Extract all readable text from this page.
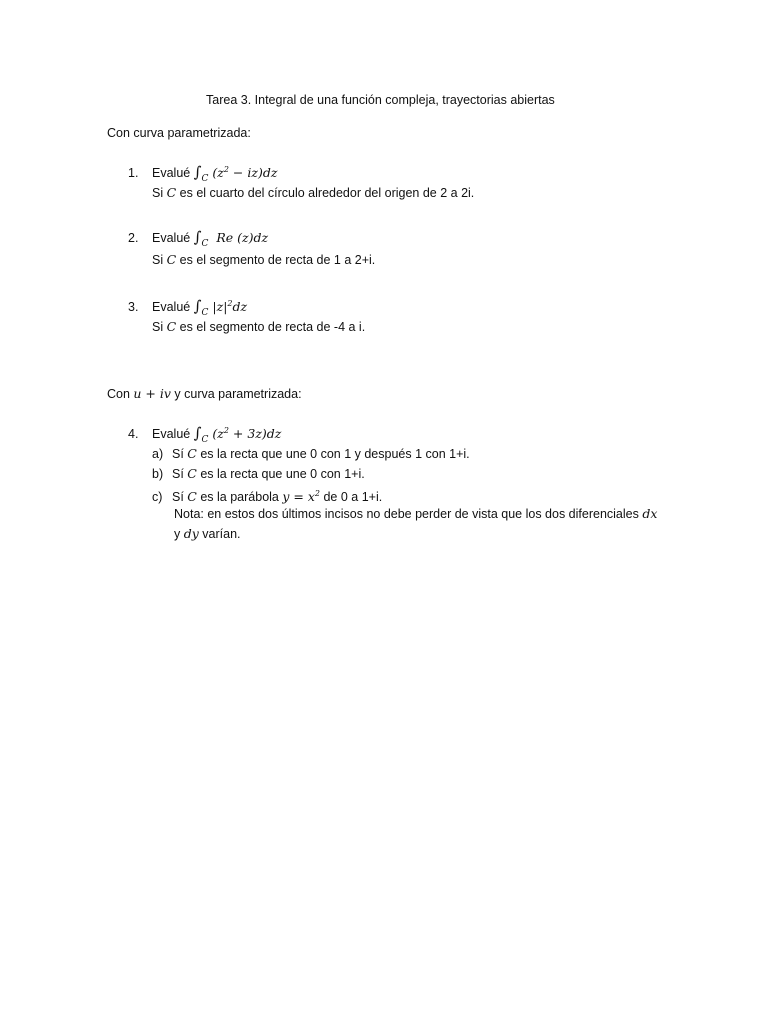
Tarea 3. Integral de una función compleja, trayectorias abiertas
Con curva parametrizada:
1. Evalué $\int_C$ $(z^2 - iz)dz$
Si C es el cuarto del círculo alrededor del origen de 2 a 2i.
2. Evalué $\int_C$  Re (z)dz
Si C es el segmento de recta de 1 a 2+i.
3. Evalué $\int_C$ $|z|^2dz$
Si C es el segmento de recta de -4 a i.
Con u + iv y curva parametrizada:
4. Evalué $\int_C$ $(z^2 + 3z)dz$
a) Sí C es la recta que une 0 con 1 y después 1 con 1+i.
b) Sí C es la recta que une 0 con 1+i.
c) Sí C es la parábola $y = x^2$ de 0 a 1+i.
Nota: en estos dos últimos incisos no debe perder de vista que los dos diferenciales dx
y dy varían.
